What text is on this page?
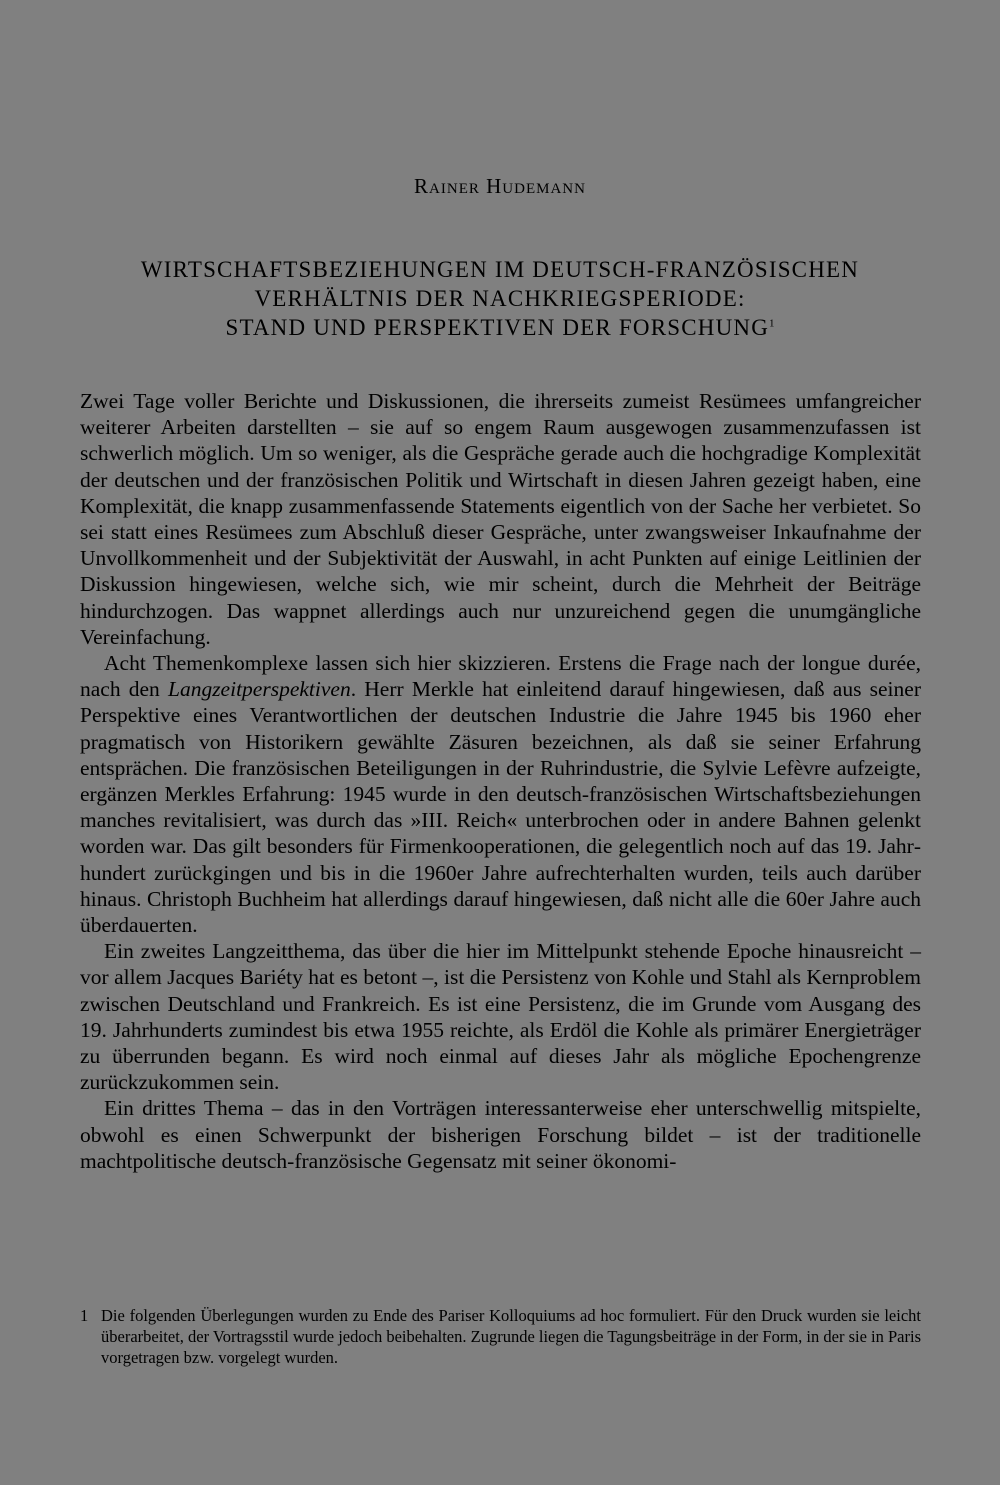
Rainer Hudemann
WIRTSCHAFTSBEZIEHUNGEN IM DEUTSCH-FRANZÖSISCHEN
VERHÄLTNIS DER NACHKRIEGSPERIODE:
STAND UND PERSPEKTIVEN DER FORSCHUNG$^1$

Zwei Tage voller Berichte und Diskussionen, die ihrerseits zumeist Resümees umfangreicher weiterer Arbeiten darstellten – sie auf so engem Raum ausgewogen zusammenzufassen ist schwerlich möglich. Um so weniger, als die Gespräche gerade auch die hochgradige Komplexität der deutschen und der französischen Politik und Wirtschaft in diesen Jahren gezeigt haben, eine Komplexität, die knapp zusammenfassende Statements eigentlich von der Sache her verbietet. So sei statt eines Resümees zum Abschluß dieser Gespräche, unter zwangsweiser Inkaufnahme der Unvollkommenheit und der Subjektivität der Auswahl, in acht Punkten auf einige Leitlinien der Diskussion hingewiesen, welche sich, wie mir scheint, durch die Mehrheit der Beiträge hindurchzogen. Das wappnet allerdings auch nur unzureichend gegen die unumgängliche Vereinfachung.

Acht Themenkomplexe lassen sich hier skizzieren. Erstens die Frage nach der longue durée, nach den Langzeitperspektiven. Herr Merkle hat einleitend darauf hingewiesen, daß aus seiner Perspektive eines Verantwortlichen der deutschen Industrie die Jahre 1945 bis 1960 eher pragmatisch von Historikern gewählte Zäsuren bezeichnen, als daß sie seiner Erfahrung entsprächen. Die französischen Beteiligungen in der Ruhrindustrie, die Sylvie Lefèvre aufzeigte, ergänzen Merkles Erfahrung: 1945 wurde in den deutsch-französischen Wirtschaftsbeziehungen manches revitalisiert, was durch das »III. Reich« unterbrochen oder in andere Bahnen gelenkt worden war. Das gilt besonders für Firmenkooperationen, die gelegentlich noch auf das 19. Jahrhundert zurückgingen und bis in die 1960er Jahre aufrechterhalten wurden, teils auch darüber hinaus. Christoph Buchheim hat allerdings darauf hingewiesen, daß nicht alle die 60er Jahre auch überdauerten.

Ein zweites Langzeitthema, das über die hier im Mittelpunkt stehende Epoche hinausreicht – vor allem Jacques Bariéty hat es betont –, ist die Persistenz von Kohle und Stahl als Kernproblem zwischen Deutschland und Frankreich. Es ist eine Persistenz, die im Grunde vom Ausgang des 19. Jahrhunderts zumindest bis etwa 1955 reichte, als Erdöl die Kohle als primärer Energieträger zu überrunden begann. Es wird noch einmal auf dieses Jahr als mögliche Epochengrenze zurückzukommen sein.

Ein drittes Thema – das in den Vorträgen interessanterweise eher unterschwellig mitspielte, obwohl es einen Schwerpunkt der bisherigen Forschung bildet – ist der traditionelle machtpolitische deutsch-französische Gegensatz mit seiner ökonomi-

1 Die folgenden Überlegungen wurden zu Ende des Pariser Kolloquiums ad hoc formuliert. Für den Druck wurden sie leicht überarbeitet, der Vortragsstil wurde jedoch beibehalten. Zugrunde liegen die Tagungsbeiträge in der Form, in der sie in Paris vorgetragen bzw. vorgelegt wurden.
